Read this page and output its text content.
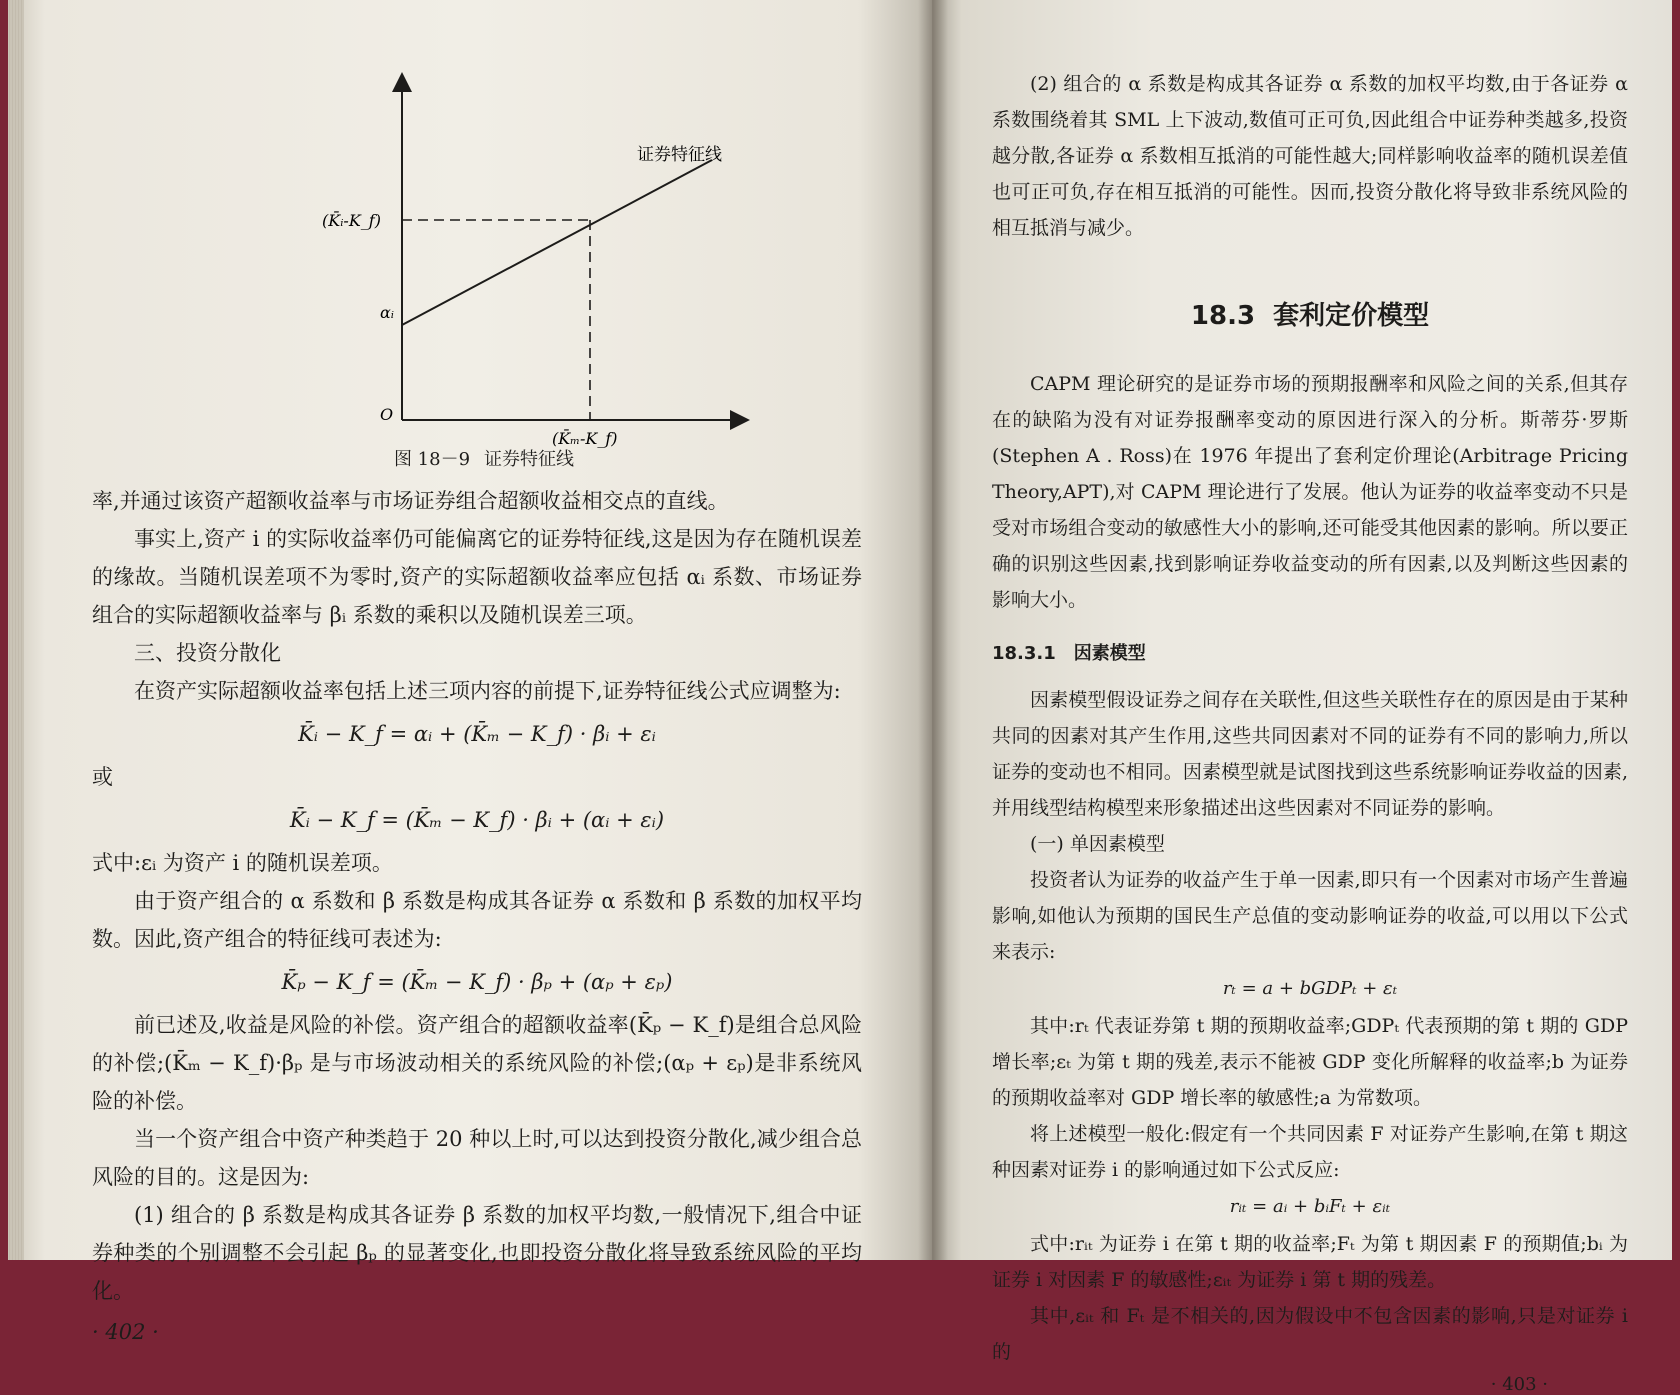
证券特征线
(K̄ᵢ-K_f)
αᵢ
O
(K̄ₘ-K_f)
图 18－9 证券特征线

率,并通过该资产超额收益率与市场证券组合超额收益相交点的直线。

事实上,资产 i 的实际收益率仍可能偏离它的证券特征线,这是因为存在随机误差的缘故。当随机误差项不为零时,资产的实际超额收益率应包括 αᵢ 系数、市场证券组合的实际超额收益率与 βᵢ 系数的乘积以及随机误差三项。

三、投资分散化

在资产实际超额收益率包括上述三项内容的前提下,证券特征线公式应调整为:

K̄ᵢ − K_f = αᵢ + (K̄ₘ − K_f) · βᵢ + εᵢ

或

K̄ᵢ − K_f = (K̄ₘ − K_f) · βᵢ + (αᵢ + εᵢ)

式中:εᵢ 为资产 i 的随机误差项。

由于资产组合的 α 系数和 β 系数是构成其各证券 α 系数和 β 系数的加权平均数。因此,资产组合的特征线可表述为:

K̄ₚ − K_f = (K̄ₘ − K_f) · βₚ + (αₚ + εₚ)

前已述及,收益是风险的补偿。资产组合的超额收益率(K̄ₚ − K_f)是组合总风险的补偿;(K̄ₘ − K_f)·βₚ 是与市场波动相关的系统风险的补偿;(αₚ + εₚ)是非系统风险的补偿。

当一个资产组合中资产种类趋于 20 种以上时,可以达到投资分散化,减少组合总风险的目的。这是因为:

(1) 组合的 β 系数是构成其各证券 β 系数的加权平均数,一般情况下,组合中证券种类的个别调整不会引起 βₚ 的显著变化,也即投资分散化将导致系统风险的平均化。

· 402 ·

(2) 组合的 α 系数是构成其各证券 α 系数的加权平均数,由于各证券 α 系数围绕着其 SML 上下波动,数值可正可负,因此组合中证券种类越多,投资越分散,各证券 α 系数相互抵消的可能性越大;同样影响收益率的随机误差值也可正可负,存在相互抵消的可能性。因而,投资分散化将导致非系统风险的相互抵消与减少。

18.3 套利定价模型

CAPM 理论研究的是证券市场的预期报酬率和风险之间的关系,但其存在的缺陷为没有对证券报酬率变动的原因进行深入的分析。斯蒂芬·罗斯(Stephen A . Ross)在 1976 年提出了套利定价理论(Arbitrage Pricing Theory,APT),对 CAPM 理论进行了发展。他认为证券的收益率变动不只是受对市场组合变动的敏感性大小的影响,还可能受其他因素的影响。所以要正确的识别这些因素,找到影响证券收益变动的所有因素,以及判断这些因素的影响大小。

18.3.1 因素模型

因素模型假设证券之间存在关联性,但这些关联性存在的原因是由于某种共同的因素对其产生作用,这些共同因素对不同的证券有不同的影响力,所以证券的变动也不相同。因素模型就是试图找到这些系统影响证券收益的因素,并用线型结构模型来形象描述出这些因素对不同证券的影响。

(一) 单因素模型

投资者认为证券的收益产生于单一因素,即只有一个因素对市场产生普遍影响,如他认为预期的国民生产总值的变动影响证券的收益,可以用以下公式来表示:

rₜ = a + bGDPₜ + εₜ

其中:rₜ 代表证券第 t 期的预期收益率;GDPₜ 代表预期的第 t 期的 GDP 增长率;εₜ 为第 t 期的残差,表示不能被 GDP 变化所解释的收益率;b 为证券的预期收益率对 GDP 增长率的敏感性;a 为常数项。

将上述模型一般化:假定有一个共同因素 F 对证券产生影响,在第 t 期这种因素对证券 i 的影响通过如下公式反应:

rᵢₜ = aᵢ + bᵢFₜ + εᵢₜ

式中:rᵢₜ 为证券 i 在第 t 期的收益率;Fₜ 为第 t 期因素 F 的预期值;bᵢ 为证券 i 对因素 F 的敏感性;εᵢₜ 为证券 i 第 t 期的残差。

其中,εᵢₜ 和 Fₜ 是不相关的,因为假设中不包含因素的影响,只是对证券 i 的

· 403 ·
